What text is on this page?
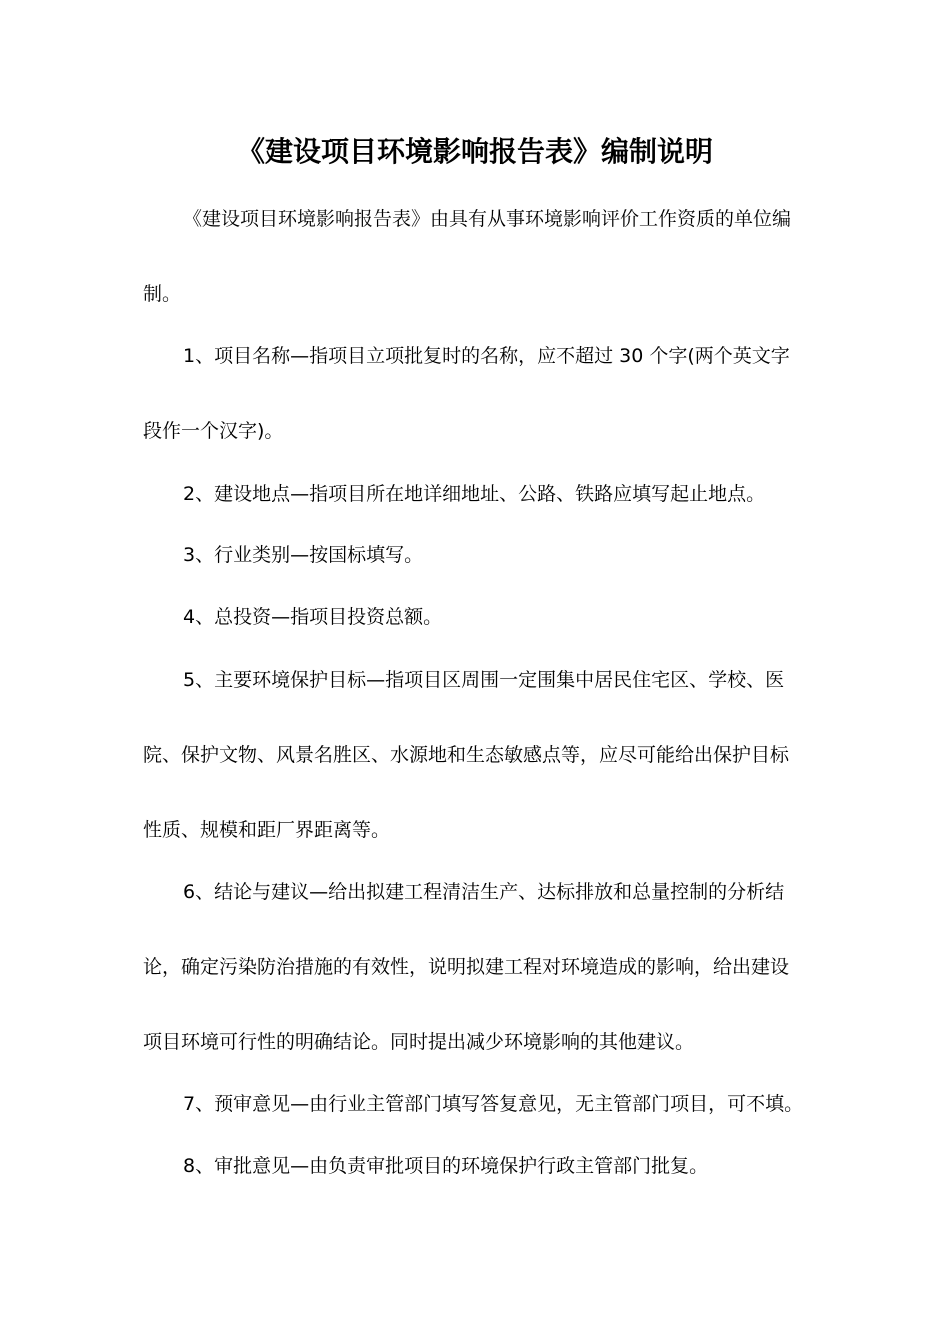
《建设项目环境影响报告表》编制说明
《建设项目环境影响报告表》由具有从事环境影响评价工作资质的单位编
制。
1、项目名称—指项目立项批复时的名称，应不超过 30 个字(两个英文字
段作一个汉字)。
2、建设地点—指项目所在地详细地址、公路、铁路应填写起止地点。
3、行业类别—按国标填写。
4、总投资—指项目投资总额。
5、主要环境保护目标—指项目区周围一定围集中居民住宅区、学校、医
院、保护文物、风景名胜区、水源地和生态敏感点等，应尽可能给出保护目标
性质、规模和距厂界距离等。
6、结论与建议—给出拟建工程清洁生产、达标排放和总量控制的分析结
论，确定污染防治措施的有效性，说明拟建工程对环境造成的影响，给出建设
项目环境可行性的明确结论。同时提出减少环境影响的其他建议。
7、预审意见—由行业主管部门填写答复意见，无主管部门项目，可不填。
8、审批意见—由负责审批项目的环境保护行政主管部门批复。
